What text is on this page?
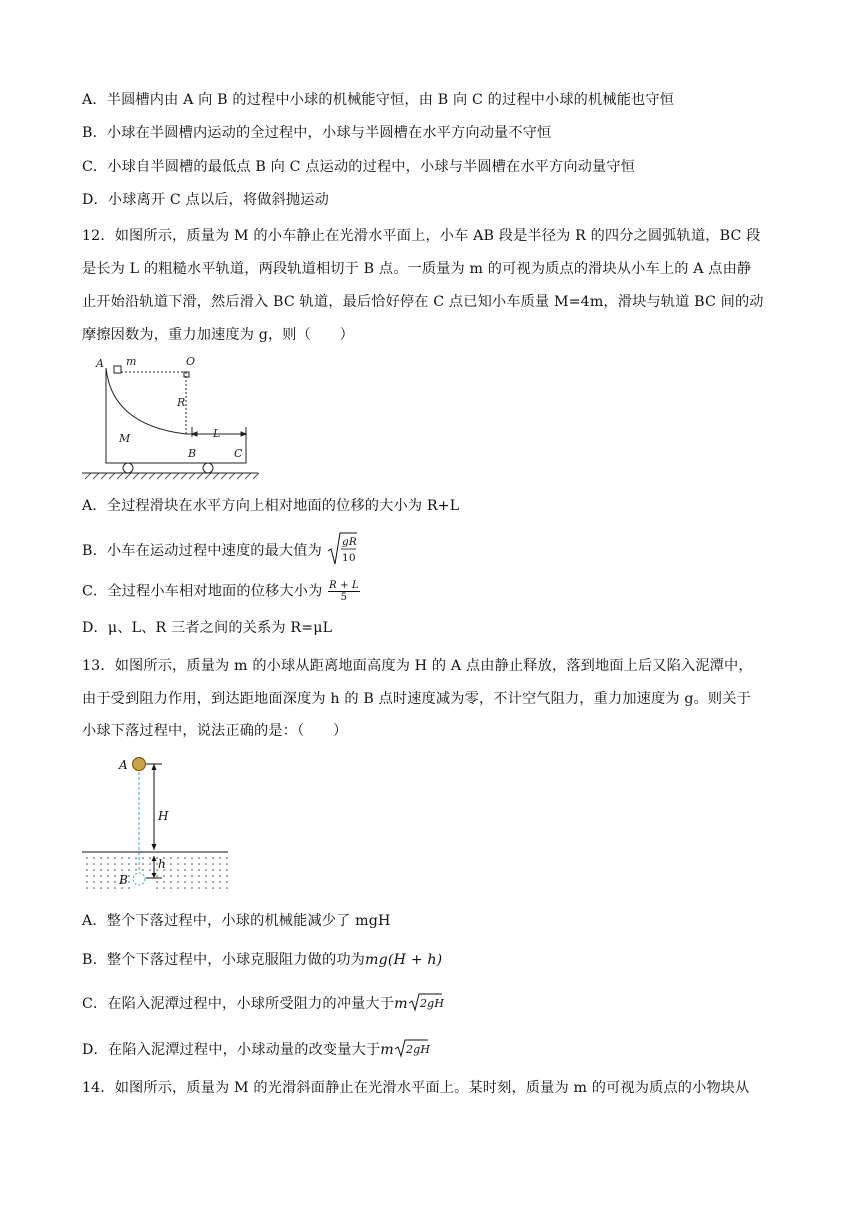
A．半圆槽内由 A 向 B 的过程中小球的机械能守恒，由 B 向 C 的过程中小球的机械能也守恒
B．小球在半圆槽内运动的全过程中，小球与半圆槽在水平方向动量不守恒
C．小球自半圆槽的最低点 B 向 C 点运动的过程中，小球与半圆槽在水平方向动量守恒
D．小球离开 C 点以后，将做斜抛运动
12．如图所示，质量为 M 的小车静止在光滑水平面上，小车 AB 段是半径为 R 的四分之圆弧轨道，BC 段
是长为 L 的粗糙水平轨道，两段轨道相切于 B 点。一质量为 m 的可视为质点的滑块从小车上的 A 点由静
止开始沿轨道下滑，然后滑入 BC 轨道，最后恰好停在 C 点已知小车质量 M=4m，滑块与轨道 BC 间的动
摩擦因数为，重力加速度为 g，则（　　）
A m	O
R
M	L
B	C
A．全过程滑块在水平方向上相对地面的位移的大小为 R+L
B．小车在运动过程中速度的最大值为
gR
10
C．全过程小车相对地面的位移大小为 $\frac{R + L}{5}$
D．μ、L、R 三者之间的关系为 R=μL
13．如图所示，质量为 m 的小球从距离地面高度为 H 的 A 点由静止释放，落到地面上后又陷入泥潭中，
由于受到阻力作用，到达距地面深度为 h 的 B 点时速度减为零，不计空气阻力，重力加速度为 g。则关于
小球下落过程中，说法正确的是：（　　）
A
H
h
B
A．整个下落过程中，小球的机械能减少了 mgH
B．整个下落过程中，小球克服阻力做的功为mg(H + h)
C．在陷入泥潭过程中，小球所受阻力的冲量大于m 2gH
D．在陷入泥潭过程中，小球动量的改变量大于m 2gH
14．如图所示，质量为 M 的光滑斜面静止在光滑水平面上。某时刻，质量为 m 的可视为质点的小物块从
